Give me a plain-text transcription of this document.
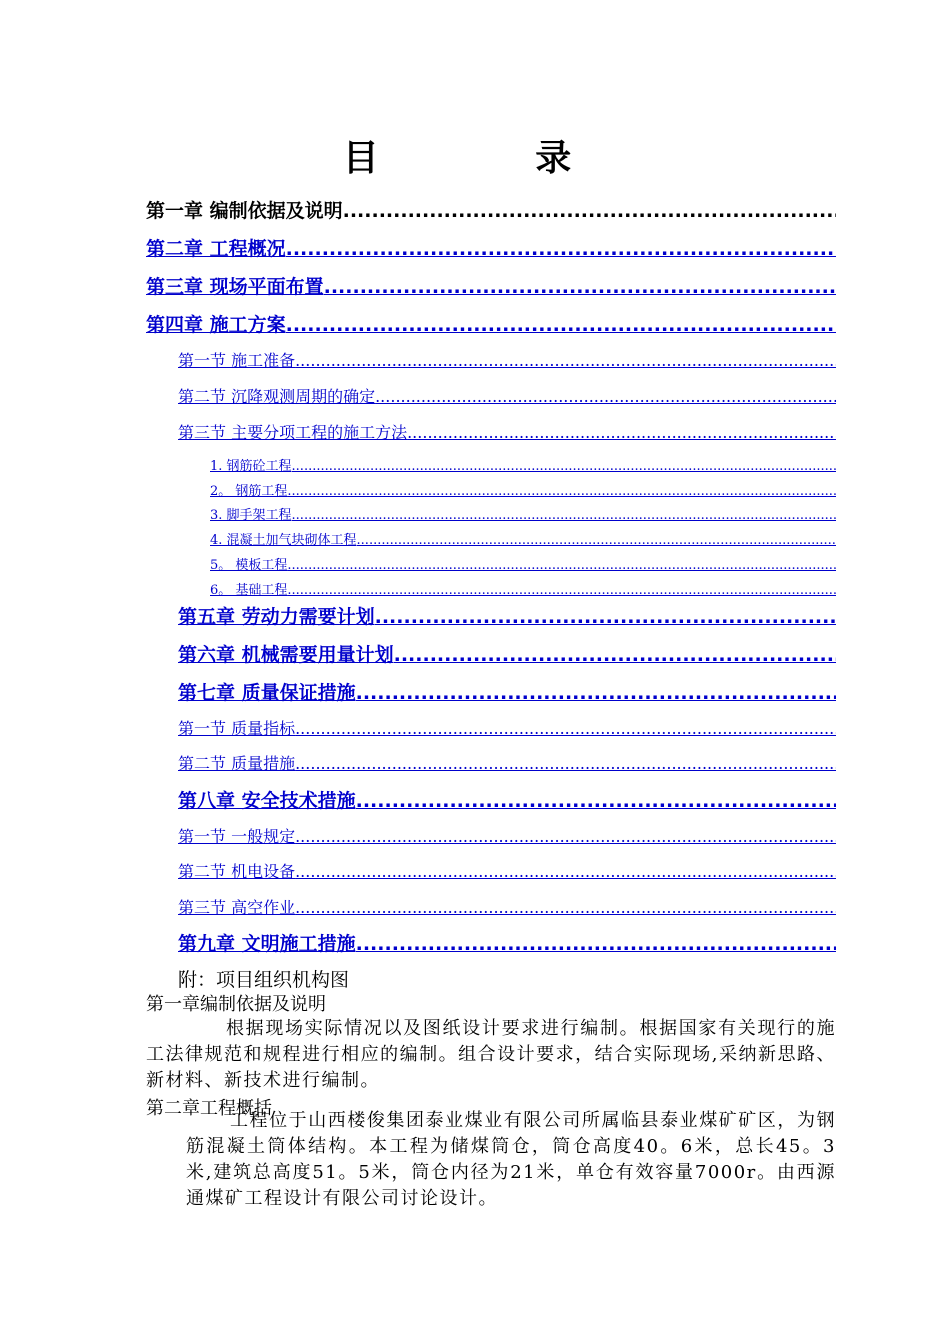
目 录
第一章 编制依据及说明
.....
第二章 工程概况
.....
第三章 现场平面布置
.....
第四章 施工方案
.....
第一节 施工准备
.....
第二节 沉降观测周期的确定
.....
第三节 主要分项工程的施工方法
.....
1. 钢筋砼工程
.....
2。 钢筋工程
.....
3. 脚手架工程
.....
4. 混凝土加气块砌体工程
.....
5。 模板工程
.....
6。 基础工程
.....
第五章 劳动力需要计划
.....
第六章 机械需要用量计划
.....
第七章 质量保证措施
.....
第一节 质量指标
.....
第二节 质量措施
.....
第八章 安全技术措施
.....
第一节 一般规定
.....
第二节 机电设备
.....
第三节 高空作业
.....
第九章 文明施工措施
.....
附：项目组织机构图
第一章编制依据及说明
根据现场实际情况以及图纸设计要求进行编制。根据国家有关现行的施工法律规范和规程进行相应的编制。组合设计要求，结合实际现场,采纳新思路、新材料、新技术进行编制。
第二章工程概括
工程位于山西楼俊集团泰业煤业有限公司所属临县泰业煤矿矿区，为钢筋混凝土筒体结构。本工程为储煤筒仓，筒仓高度40。6米，总长45。3米,建筑总高度51。5米，筒仓内径为21米，单仓有效容量7000r。由西源通煤矿工程设计有限公司讨论设计。
